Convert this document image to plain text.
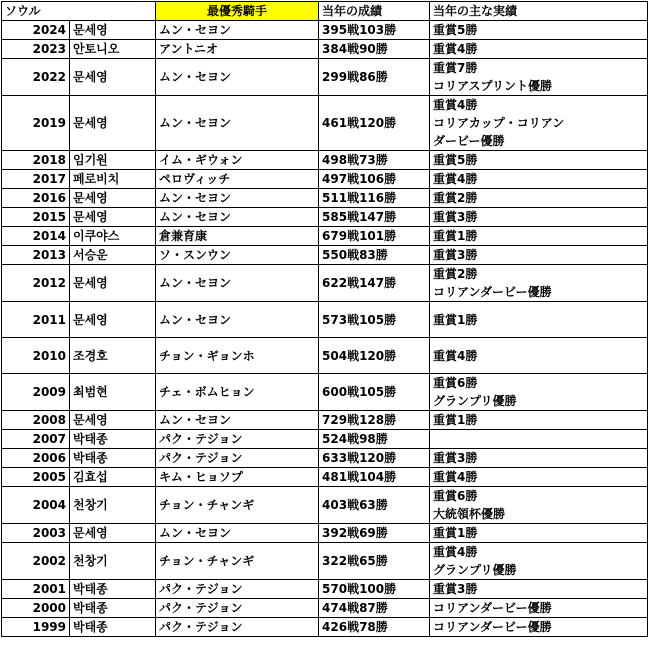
ソウル		最優秀騎手	当年の成績	当年の主な実績
2024	문세영	ムン・セヨン	395戦103勝	重賞5勝

2023	안토니오	アントニオ	384戦90勝	重賞4勝

2022	문세영	ムン・セヨン	299戦86勝	重賞7勝
コリアスプリント優勝

2019	문세영	ムン・セヨン	461戦120勝	重賞4勝
コリアカップ・コリアン
ダービー優勝

2018	임기원	イム・ギウォン	498戦73勝	重賞5勝

2017	페로비치	ペロヴィッチ	497戦106勝	重賞4勝

2016	문세영	ムン・セヨン	511戦116勝	重賞2勝

2015	문세영	ムン・セヨン	585戦147勝	重賞3勝

2014	이쿠야스	倉兼育康	679戦101勝	重賞1勝

2013	서승운	ソ・スンウン	550戦83勝	重賞3勝

2012	문세영	ムン・セヨン	622戦147勝	重賞2勝
コリアンダービー優勝

2011	문세영	ムン・セヨン	573戦105勝	重賞1勝

2010	조경호	チョン・ギョンホ	504戦120勝	重賞4勝

2009	최범현	チェ・ボムヒョン	600戦105勝	重賞6勝
グランプリ優勝

2008	문세영	ムン・セヨン	729戦128勝	重賞1勝

2007	박태종	パク・テジョン	524戦98勝	

2006	박태종	パク・テジョン	633戦120勝	重賞3勝

2005	김효섭	キム・ヒョソプ	481戦104勝	重賞4勝

2004	천창기	チョン・チャンギ	403戦63勝	重賞6勝
大統領杯優勝

2003	문세영	ムン・セヨン	392戦69勝	重賞1勝

2002	천창기	チョン・チャンギ	322戦65勝	重賞4勝
グランプリ優勝

2001	박태종	パク・テジョン	570戦100勝	重賞3勝

2000	박태종	パク・テジョン	474戦87勝	コリアンダービー優勝

1999	박태종	パク・テジョン	426戦78勝	コリアンダービー優勝
